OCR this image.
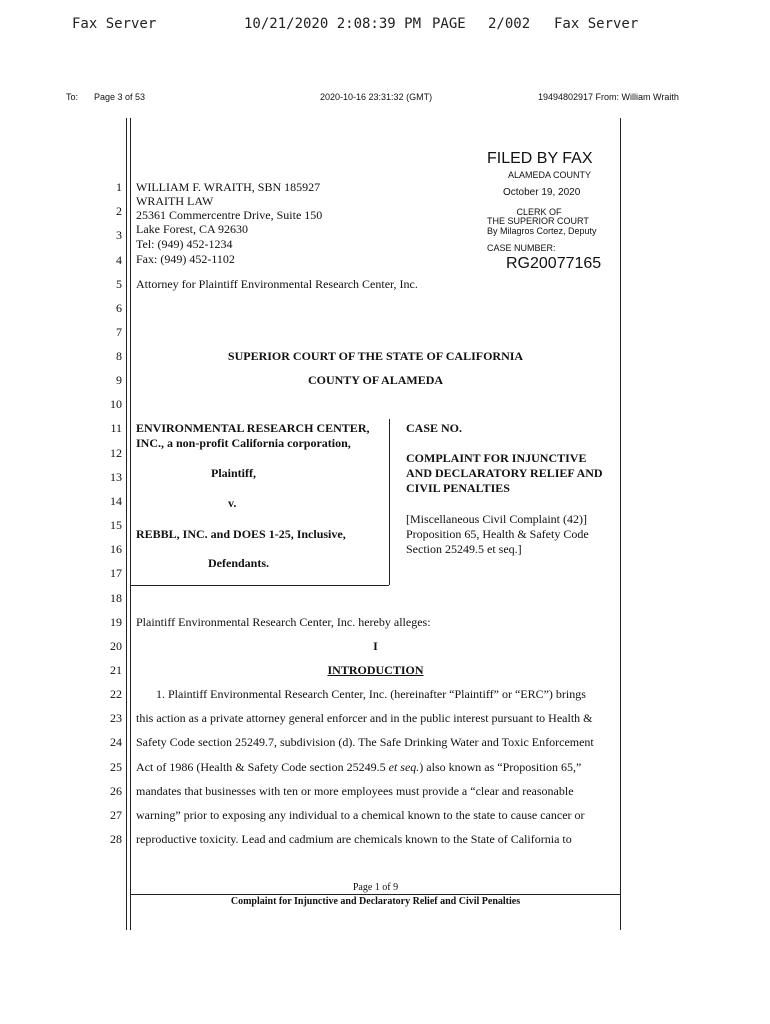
Fax Server	10/21/2020 2:08:39 PM PAGE 2/002 Fax Server
To: Page 3 of 53	2020-10-16 23:31:32 (GMT)	19494802917 From: William Wraith
1
2
3
4
5
6
7
8
9
10
11
12
13
14
15
16
17
18
19
20
21
22
23
24
25
26
27
28
FILED BY FAX
ALAMEDA COUNTY
October 19, 2020
CLERK OF
THE SUPERIOR COURT
By Milagros Cortez, Deputy
CASE NUMBER:
RG20077165
WILLIAM F. WRAITH, SBN 185927
WRAITH LAW
25361 Commercentre Drive, Suite 150
Lake Forest, CA 92630
Tel: (949) 452-1234
Fax: (949) 452-1102
Attorney for Plaintiff Environmental Research Center, Inc.
SUPERIOR COURT OF THE STATE OF CALIFORNIA
COUNTY OF ALAMEDA
ENVIRONMENTAL RESEARCH CENTER,
INC., a non-profit California corporation,
Plaintiff,
v.
REBBL, INC. and DOES 1-25, Inclusive,
Defendants.
CASE NO.
COMPLAINT FOR INJUNCTIVE
AND DECLARATORY RELIEF AND
CIVIL PENALTIES
[Miscellaneous Civil Complaint (42)]
Proposition 65, Health & Safety Code
Section 25249.5 et seq.]
Plaintiff Environmental Research Center, Inc. hereby alleges:
I
INTRODUCTION
1. Plaintiff Environmental Research Center, Inc. (hereinafter “Plaintiff” or “ERC”) brings
this action as a private attorney general enforcer and in the public interest pursuant to Health &
Safety Code section 25249.7, subdivision (d). The Safe Drinking Water and Toxic Enforcement
Act of 1986 (Health & Safety Code section 25249.5 et seq.) also known as “Proposition 65,”
mandates that businesses with ten or more employees must provide a “clear and reasonable
warning” prior to exposing any individual to a chemical known to the state to cause cancer or
reproductive toxicity. Lead and cadmium are chemicals known to the State of California to
Page 1 of 9
Complaint for Injunctive and Declaratory Relief and Civil Penalties
